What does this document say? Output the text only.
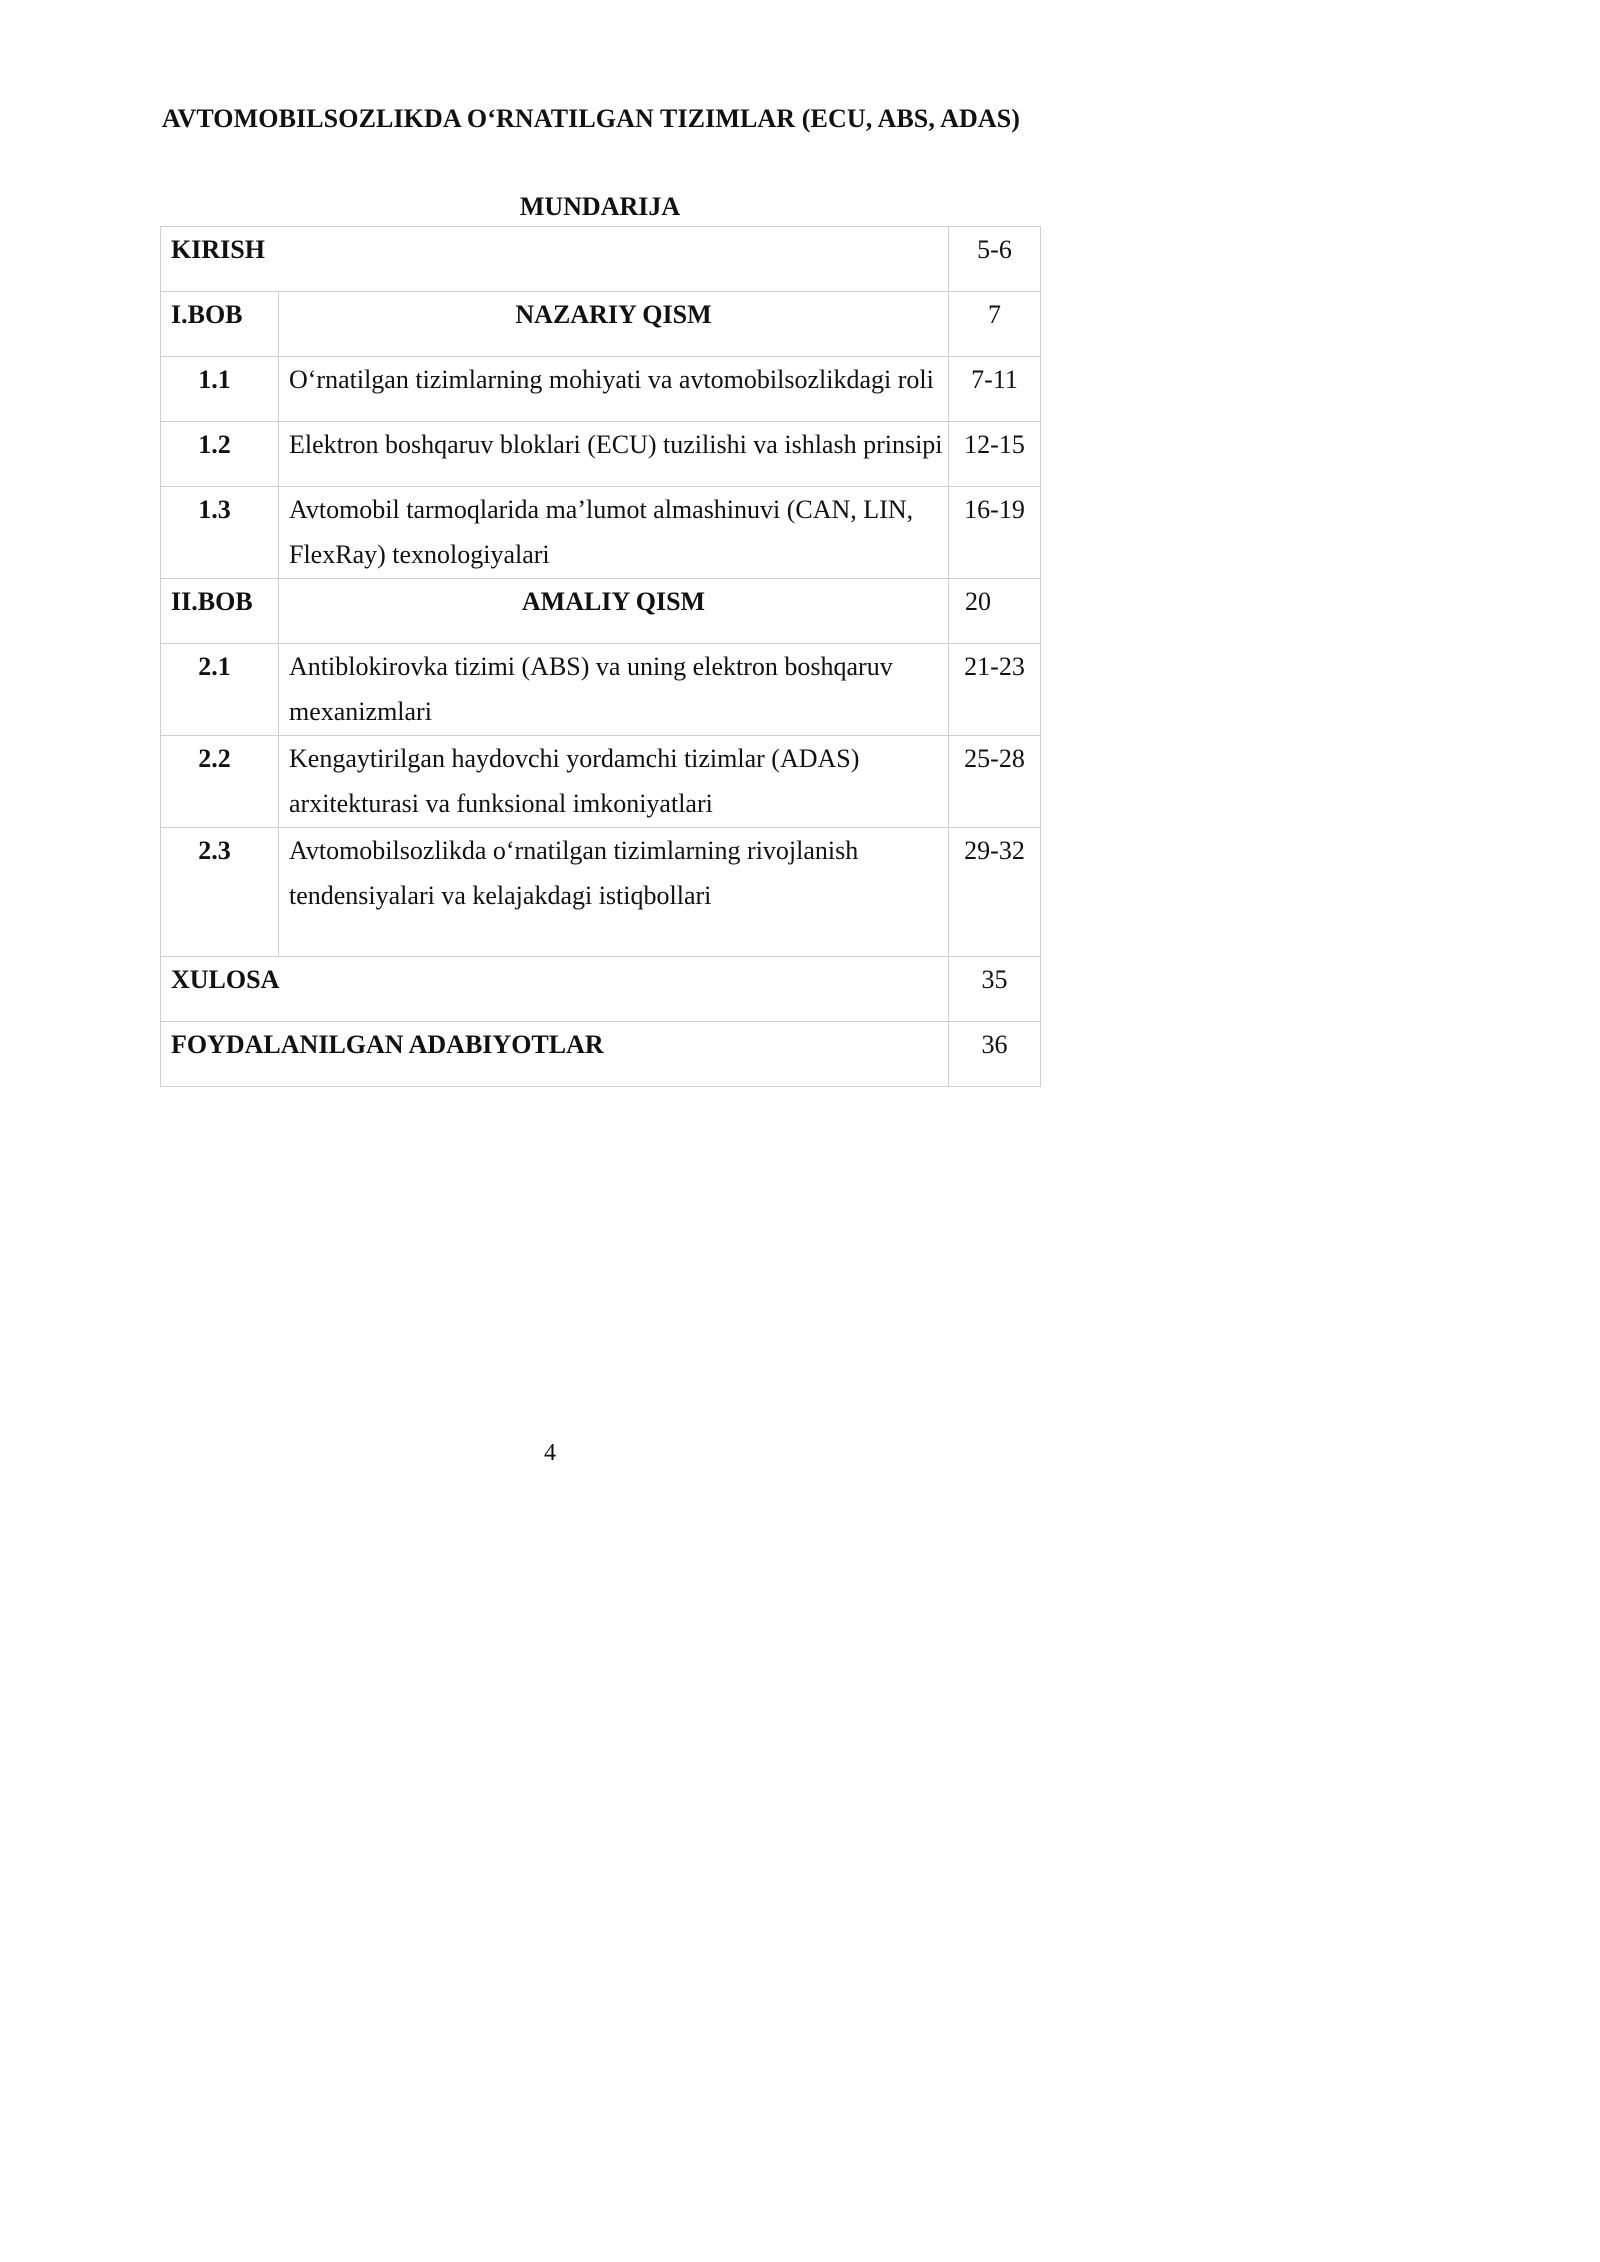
AVTOMOBILSOZLIKDA O‘RNATILGAN TIZIMLAR (ECU, ABS, ADAS)
MUNDARIJA
KIRISH		5-6
I.BOB	NAZARIY QISM	7
1.1	O‘rnatilgan tizimlarning mohiyati va avtomobilsozlikdagi roli	7-11
1.2	Elektron boshqaruv bloklari (ECU) tuzilishi va ishlash prinsipi	12-15
1.3	Avtomobil tarmoqlarida ma’lumot almashinuvi (CAN, LIN, FlexRay) texnologiyalari	16-19
II.BOB	AMALIY QISM	20
2.1	Antiblokirovka tizimi (ABS) va uning elektron boshqaruv mexanizmlari	21-23
2.2	Kengaytirilgan haydovchi yordamchi tizimlar (ADAS) arxitekturasi va funksional imkoniyatlari	25-28
2.3	Avtomobilsozlikda o‘rnatilgan tizimlarning rivojlanish tendensiyalari va kelajakdagi istiqbollari	29-32
XULOSA		35
FOYDALANILGAN ADABIYOTLAR		36
4
